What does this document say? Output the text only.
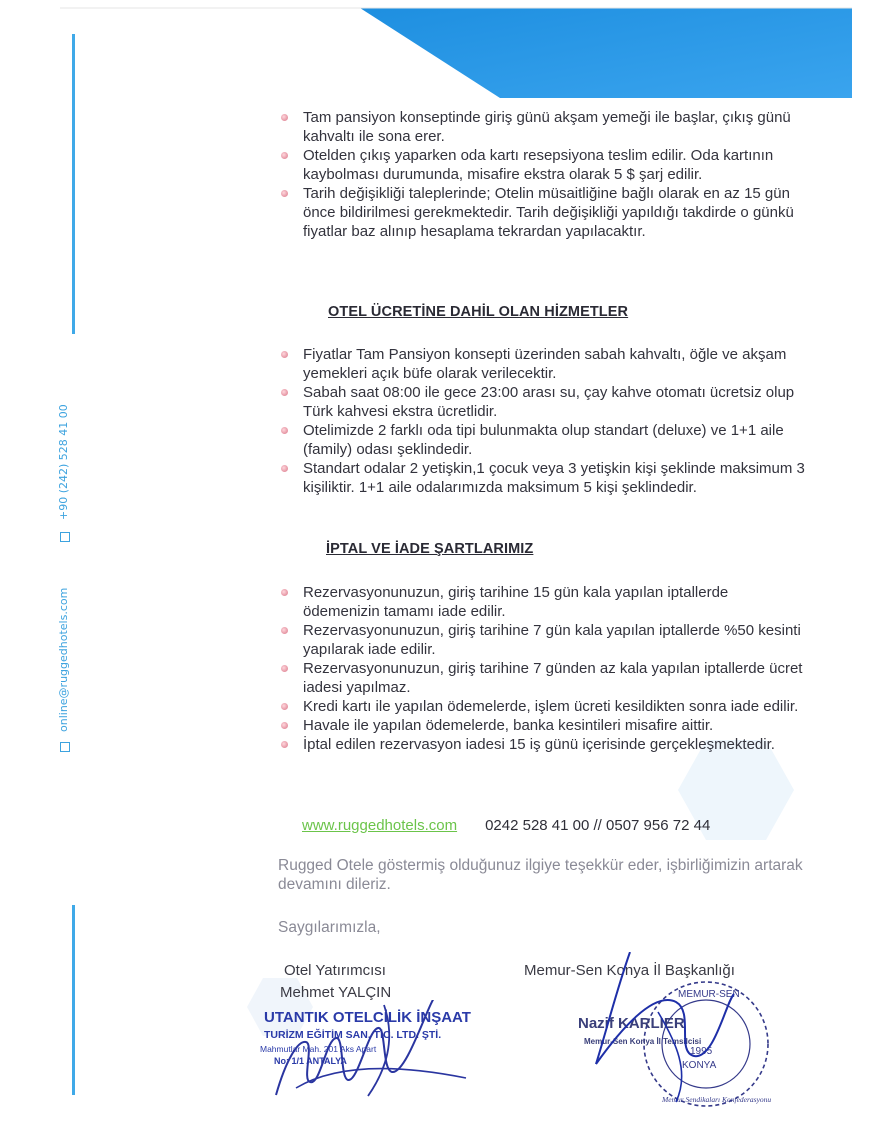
+90 (242) 528 41 00
online@ruggedhotels.com
Tam pansiyon konseptinde giriş günü akşam yemeği ile başlar, çıkış günü kahvaltı ile sona erer.
Otelden çıkış yaparken oda kartı resepsiyona teslim edilir. Oda kartının kaybolması durumunda, misafire ekstra olarak 5 $ şarj edilir.
Tarih değişikliği taleplerinde; Otelin müsaitliğine bağlı olarak en az 15 gün önce bildirilmesi gerekmektedir. Tarih değişikliği yapıldığı takdirde o günkü fiyatlar baz alınıp hesaplama tekrardan yapılacaktır.
OTEL ÜCRETİNE DAHİL OLAN HİZMETLER
Fiyatlar Tam Pansiyon konsepti üzerinden sabah kahvaltı, öğle ve akşam yemekleri açık büfe olarak verilecektir.
Sabah saat 08:00 ile gece 23:00 arası su, çay kahve otomatı ücretsiz olup Türk kahvesi ekstra ücretlidir.
Otelimizde 2 farklı oda tipi bulunmakta olup standart (deluxe) ve 1+1 aile (family) odası şeklindedir.
Standart odalar 2 yetişkin,1 çocuk veya 3 yetişkin kişi şeklinde maksimum 3 kişiliktir. 1+1 aile odalarımızda maksimum 5 kişi şeklindedir.
İPTAL VE İADE ŞARTLARIMIZ
Rezervasyonunuzun, giriş tarihine 15 gün kala yapılan iptallerde ödemenizin tamamı iade edilir.
Rezervasyonunuzun, giriş tarihine 7 gün kala yapılan iptallerde %50 kesinti yapılarak iade edilir.
Rezervasyonunuzun, giriş tarihine 7 günden az kala yapılan iptallerde ücret iadesi yapılmaz.
Kredi kartı ile yapılan ödemelerde, işlem ücreti kesildikten sonra iade edilir.
Havale ile yapılan ödemelerde, banka kesintileri misafire aittir.
İptal edilen rezervasyon iadesi 15 iş günü içerisinde gerçekleşmektedir.
www.ruggedhotels.com 0242 528 41 00 // 0507 956 72 44
Rugged Otele göstermiş olduğunuz ilgiye teşekkür eder, işbirliğimizin artarak devamını dileriz.
Saygılarımızla,
Otel Yatırımcısı
Mehmet YALÇIN
Memur-Sen Konya İl Başkanlığı
UTANTIK OTELCİLİK İNŞAAT
TURİZM EĞİTİM SAN. TİC. LTD. ŞTİ.
Mahmutlar Mah. 201 Aks Apart
No: 1/1 ANTALYA
MEMUR-SEN
1995
KONYA
Memur Sendikaları Konfederasyonu
Nazif KARLIER
Memur-Sen Konya İl Temsilcisi
